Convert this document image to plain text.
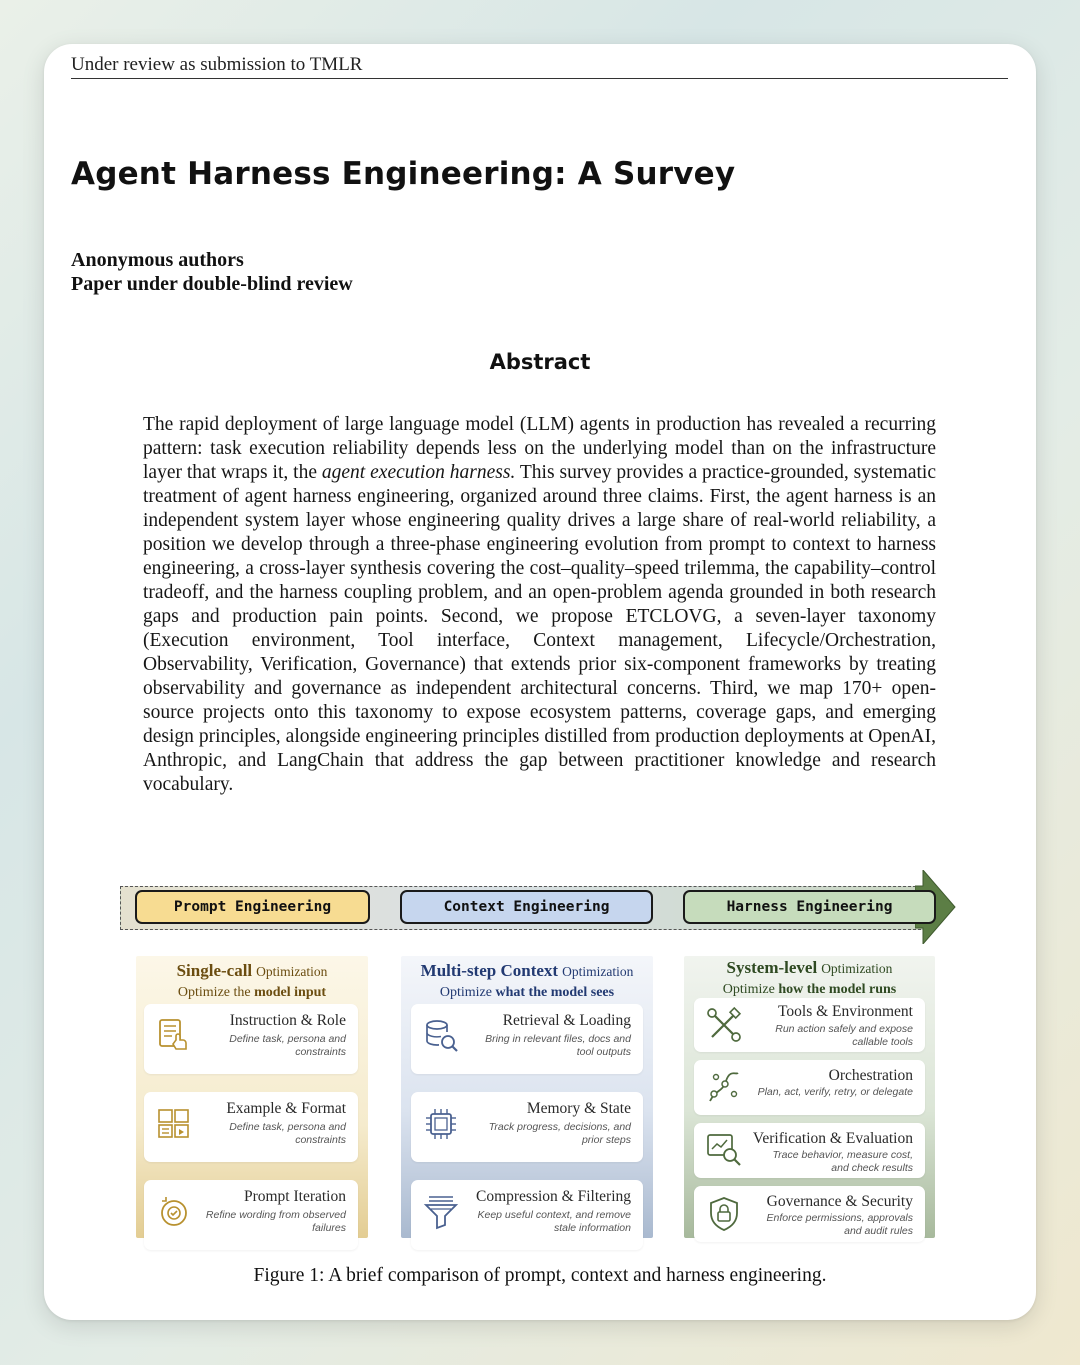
Under review as submission to TMLR
Agent Harness Engineering: A Survey
Anonymous authors
Paper under double-blind review
Abstract

The rapid deployment of large language model (LLM) agents in production has revealed a recurring pattern: task execution reliability depends less on the underlying model than on the infrastructure layer that wraps it, the agent execution harness. This survey provides a practice-grounded, systematic treatment of agent harness engineering, organized around three claims. First, the agent harness is an independent system layer whose engineering quality drives a large share of real-world reliability, a position we develop through a three-phase engineering evolution from prompt to context to harness engineering, a cross-layer synthesis covering the cost–quality–speed trilemma, the capability–control tradeoff, and the harness coupling problem, and an open-problem agenda grounded in both research gaps and production pain points. Second, we propose ETCLOVG, a seven-layer taxonomy (Execution environment, Tool interface, Context management, Lifecycle/Orchestration, Observability, Verification, Governance) that extends prior six-component frameworks by treating observability and governance as independent architectural concerns. Third, we map 170+ open-source projects onto this taxonomy to expose ecosystem patterns, coverage gaps, and emerging design principles, alongside engineering principles distilled from production deployments at OpenAI, Anthropic, and LangChain that address the gap between practitioner knowledge and research vocabulary.

Prompt Engineering	Context Engineering	Harness Engineering
Single-call Optimization
Optimize the model input
Multi-step Context Optimization
Optimize what the model sees
System-level Optimization
Optimize how the model runs
Instruction & Role
Define task, persona and constraints
Example & Format
Define task, persona and constraints
Prompt Iteration
Refine wording from observed failures
Retrieval & Loading
Bring in relevant files, docs and tool outputs
Memory & State
Track progress, decisions, and prior steps
Compression & Filtering
Keep useful context, and remove stale information
Tools & Environment
Run action safely and expose callable tools
Orchestration
Plan, act, verify, retry, or delegate
Verification & Evaluation
Trace behavior, measure cost, and check results
Governance & Security
Enforce permissions, approvals and audit rules
Figure 1: A brief comparison of prompt, context and harness engineering.
